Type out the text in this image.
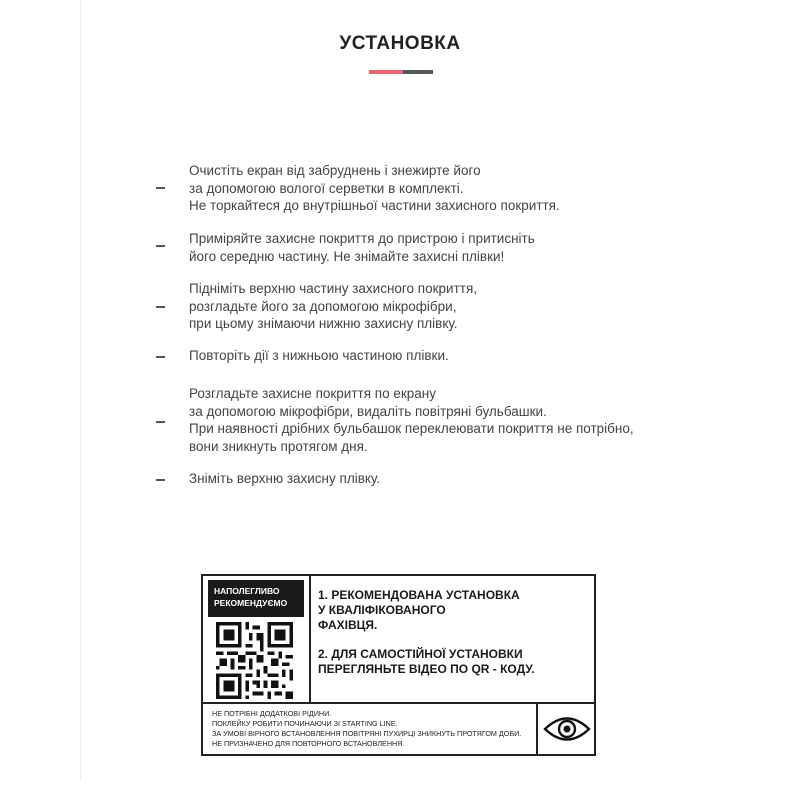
УСТАНОВКА
Очистіть екран від забруднень і знежирте його
за допомогою вологої серветки в комплекті.
Не торкайтеся до внутрішньої частини захисного покриття.
Приміряйте захисне покриття до пристрою і притисніть
його середню частину. Не знімайте захисні плівки!
Підніміть верхню частину захисного покриття,
розгладьте його за допомогою мікрофібри,
при цьому знімаючи нижню захисну плівку.
Повторіть дії з нижньою частиною плівки.
Розгладьте захисне покриття по екрану
за допомогою мікрофібри, видаліть повітряні бульбашки.
При наявності дрібних бульбашок переклеювати покриття не потрібно,
вони зникнуть протягом дня.
Зніміть верхню захисну плівку.
НАПОЛЕГЛИВО
РЕКОМЕНДУЄМО
1. РЕКОМЕНДОВАНА УСТАНОВКА
У КВАЛІФІКОВАНОГО
ФАХІВЦЯ.
2. ДЛЯ САМОСТІЙНОЇ УСТАНОВКИ
ПЕРЕГЛЯНЬТЕ ВІДЕО ПО QR - КОДУ.
НЕ ПОТРІБНІ ДОДАТКОВІ РІДИНИ.
ПОКЛЕЙКУ РОБИТИ ПОЧИНАЮЧИ ЗІ STARTING LINE.
ЗА УМОВІ ВІРНОГО ВСТАНОВЛЕННЯ ПОВІТРЯНІ ПУХИРЦІ ЗНИКНУТЬ ПРОТЯГОМ ДОБИ.
НЕ ПРИЗНАЧЕНО ДЛЯ ПОВТОРНОГО ВСТАНОВЛЕННЯ.
